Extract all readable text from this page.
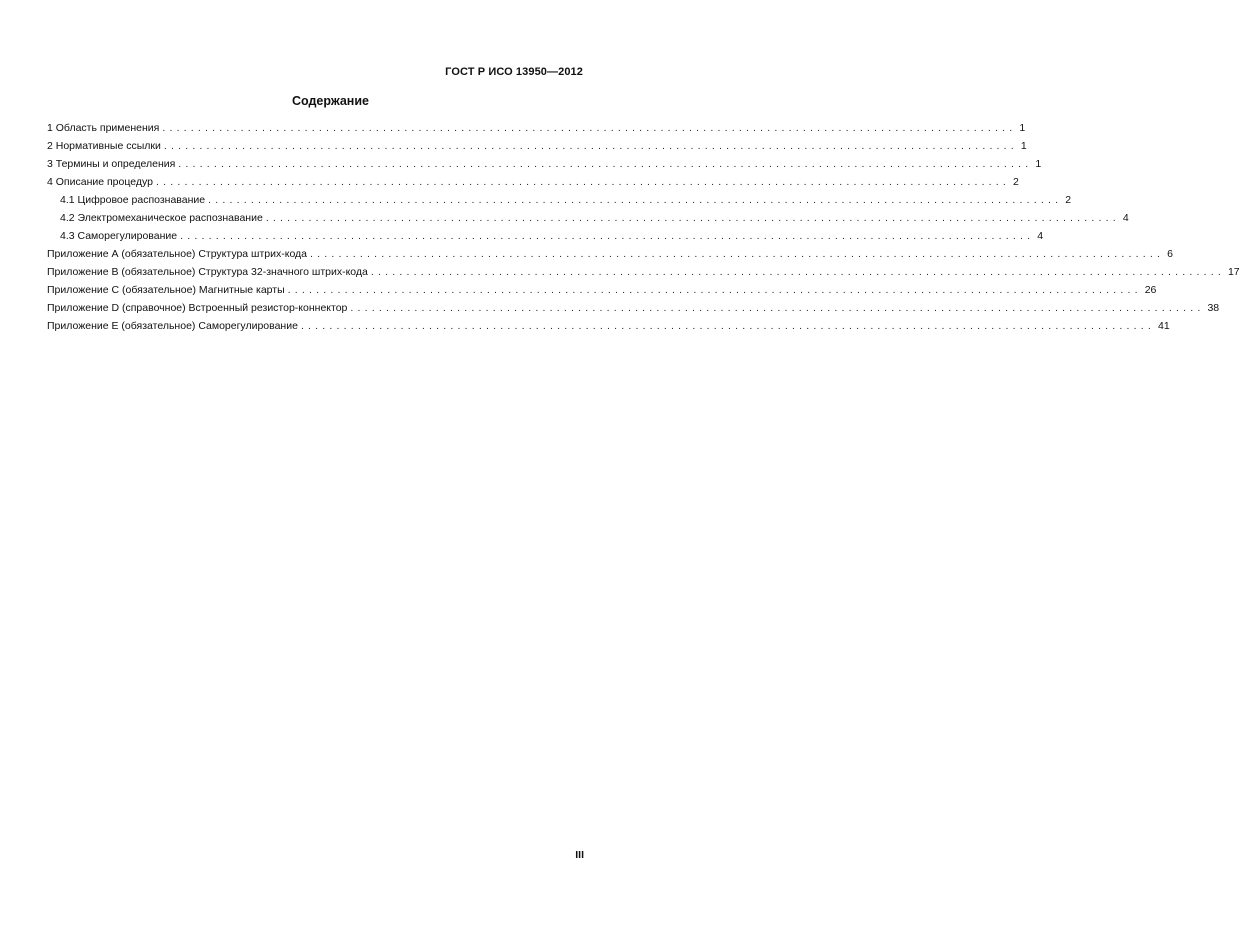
ГОСТ Р ИСО 13950—2012
Содержание
1 Область применения ........................................................................................................................ 1
2 Нормативные ссылки ........................................................................................................................ 1
3 Термины и определения ........................................................................................................................ 1
4 Описание процедур ........................................................................................................................ 2
4.1 Цифровое распознавание ........................................................................................................................ 2
4.2 Электромеханическое распознавание ........................................................................................................................ 4
4.3 Саморегулирование ........................................................................................................................ 4
Приложение А (обязательное) Структура штрих-кода ........................................................................................................................ 6
Приложение В (обязательное) Структура 32-значного штрих-кода ........................................................................................................................ 17
Приложение С (обязательное) Магнитные карты ........................................................................................................................ 26
Приложение D (справочное) Встроенный резистор-коннектор ........................................................................................................................ 38
Приложение Е (обязательное) Саморегулирование ........................................................................................................................ 41
III
